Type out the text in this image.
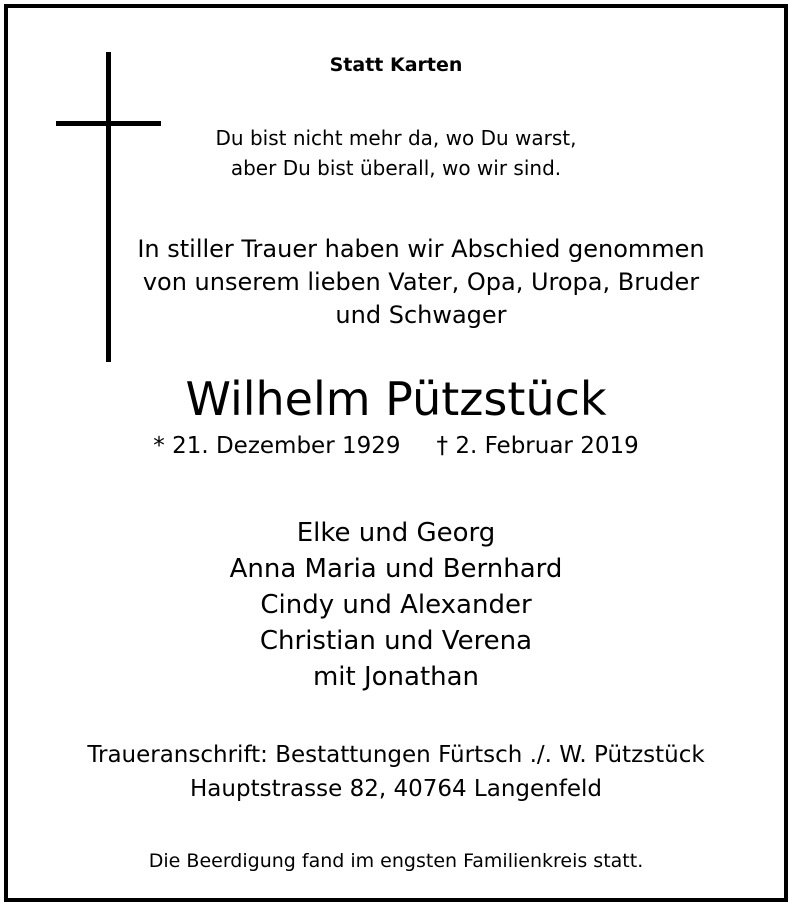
Statt Karten
Du bist nicht mehr da, wo Du warst,
aber Du bist überall, wo wir sind.
In stiller Trauer haben wir Abschied genommen
von unserem lieben Vater, Opa, Uropa, Bruder
und Schwager
Wilhelm Pützstück
* 21. Dezember 1929 † 2. Februar 2019
Elke und Georg
Anna Maria und Bernhard
Cindy und Alexander
Christian und Verena
mit Jonathan
Traueranschrift: Bestattungen Fürtsch ./. W. Pützstück
Hauptstrasse 82, 40764 Langenfeld
Die Beerdigung fand im engsten Familienkreis statt.
